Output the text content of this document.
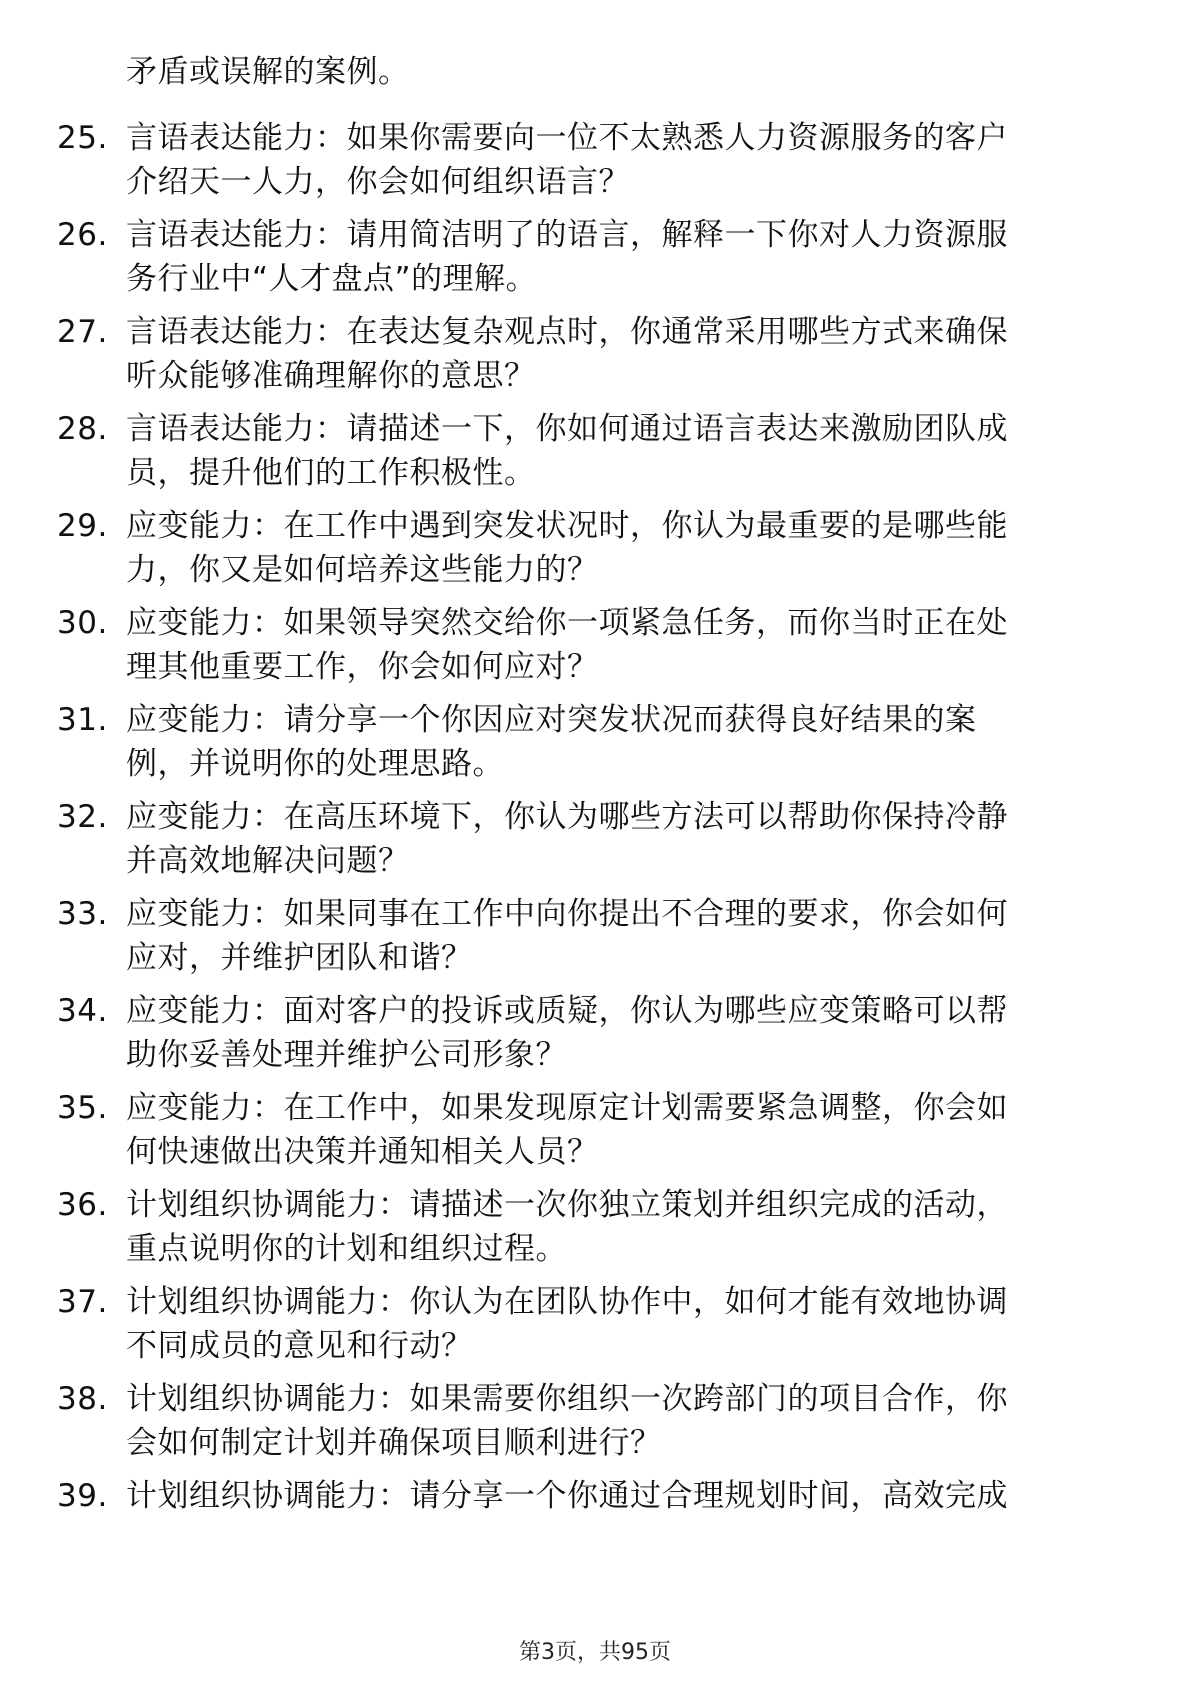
矛盾或误解的案例。
25. 言语表达能力：如果你需要向一位不太熟悉人力资源服务的客户
介绍天一人力，你会如何组织语言？
26. 言语表达能力：请用简洁明了的语言，解释一下你对人力资源服
务行业中“人才盘点”的理解。
27. 言语表达能力：在表达复杂观点时，你通常采用哪些方式来确保
听众能够准确理解你的意思？
28. 言语表达能力：请描述一下，你如何通过语言表达来激励团队成
员，提升他们的工作积极性。
29. 应变能力：在工作中遇到突发状况时，你认为最重要的是哪些能
力，你又是如何培养这些能力的？
30. 应变能力：如果领导突然交给你一项紧急任务，而你当时正在处
理其他重要工作，你会如何应对？
31. 应变能力：请分享一个你因应对突发状况而获得良好结果的案
例，并说明你的处理思路。
32. 应变能力：在高压环境下，你认为哪些方法可以帮助你保持冷静
并高效地解决问题？
33. 应变能力：如果同事在工作中向你提出不合理的要求，你会如何
应对，并维护团队和谐？
34. 应变能力：面对客户的投诉或质疑，你认为哪些应变策略可以帮
助你妥善处理并维护公司形象？
35. 应变能力：在工作中，如果发现原定计划需要紧急调整，你会如
何快速做出决策并通知相关人员？
36. 计划组织协调能力：请描述一次你独立策划并组织完成的活动，
重点说明你的计划和组织过程。
37. 计划组织协调能力：你认为在团队协作中，如何才能有效地协调
不同成员的意见和行动？
38. 计划组织协调能力：如果需要你组织一次跨部门的项目合作，你
会如何制定计划并确保项目顺利进行？
39. 计划组织协调能力：请分享一个你通过合理规划时间，高效完成
第3页，共95页
